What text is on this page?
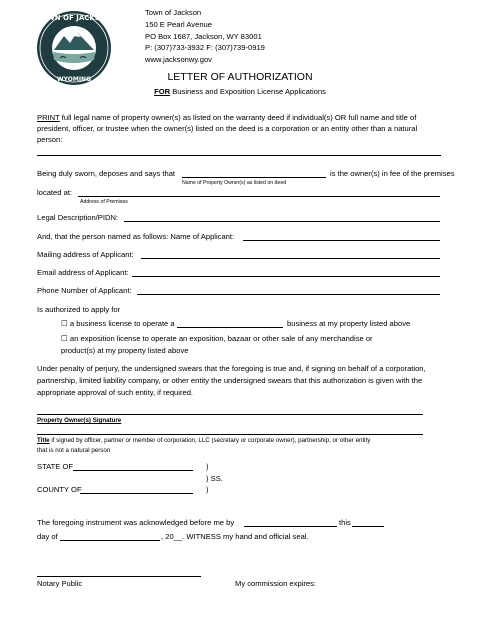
TOWN OF JACKSON
WYOMING
Town of Jackson
150 E Pearl Avenue
PO Box 1687, Jackson, WY 83001
P: (307)733-3932 F: (307)739-0919
www.jacksonwy.gov
LETTER OF AUTHORIZATION
FOR Business and Exposition License Applications
PRINT full legal name of property owner(s) as listed on the warranty deed if individual(s) OR full name and title of
president, officer, or trustee when the owner(s) listed on the deed is a corporation or an entity other than a natural
person:
Being duly sworn, deposes and says that	is the owner(s) in fee of the premises
Name of Property Owner(s) as listed on deed
located at:
Address of Premises
Legal Description/PIDN:
And, that the person named as follows: Name of Applicant:
Mailing address of Applicant:
Email address of Applicant:
Phone Number of Applicant:
Is authorized to apply for
☐ a business license to operate a	business at my property listed above
☐ an exposition license to operate an exposition, bazaar or other sale of any merchandise or
product(s) at my property listed above
Under penalty of perjury, the undersigned swears that the foregoing is true and, if signing on behalf of a corporation,
partnership, limited liability company, or other entity the undersigned swears that this authorization is given with the
appropriate approval of such entity, if required.
Property Owner(s) Signature
Title if signed by officer, partner or member of corporation, LLC (secretary or corporate owner), partnership, or other entity
that is not a natural person
STATE OF	)
) SS.
COUNTY OF	)
The foregoing instrument was acknowledged before me by	this
day of	, 20__. WITNESS my hand and official seal.
Notary Public	My commission expires:
